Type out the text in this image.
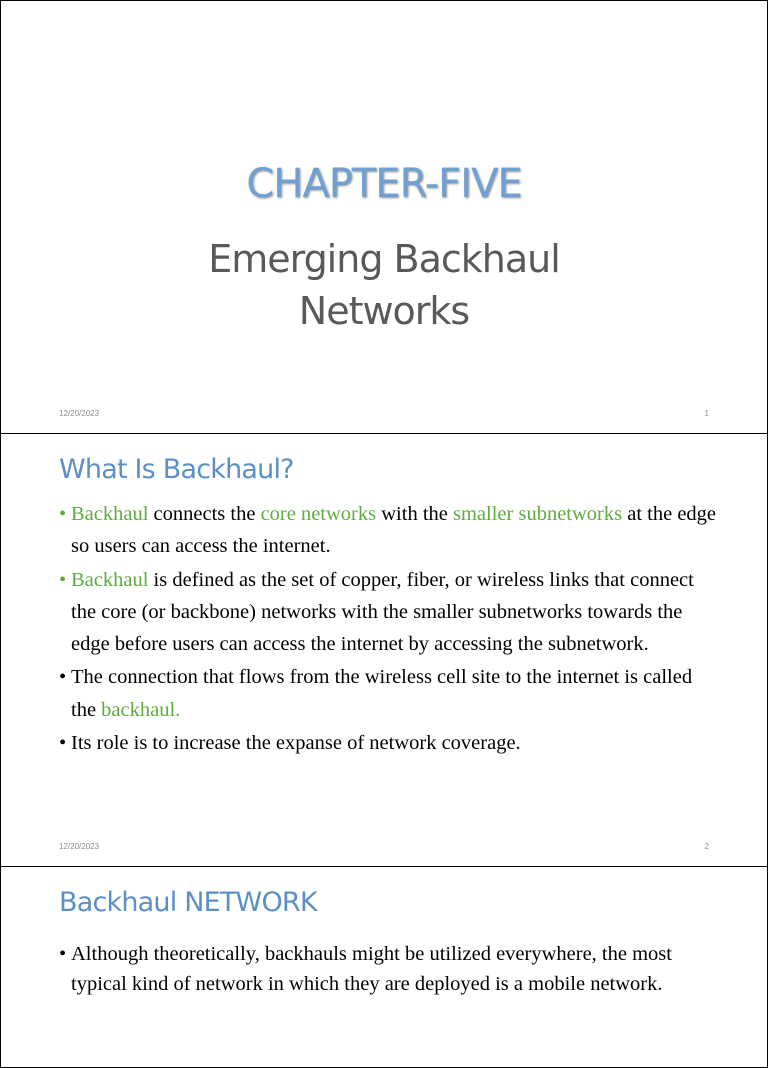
CHAPTER-FIVE
Emerging Backhaul
Networks
12/20/2023	1
What Is Backhaul?
• Backhaul connects the core networks with the smaller subnetworks at the edge so users can access the internet.
• Backhaul is defined as the set of copper, fiber, or wireless links that connect the core (or backbone) networks with the smaller subnetworks towards the edge before users can access the internet by accessing the subnetwork.
• The connection that flows from the wireless cell site to the internet is called the backhaul.
• Its role is to increase the expanse of network coverage.
12/20/2023	2
Backhaul NETWORK
• Although theoretically, backhauls might be utilized everywhere, the most typical kind of network in which they are deployed is a mobile network.
